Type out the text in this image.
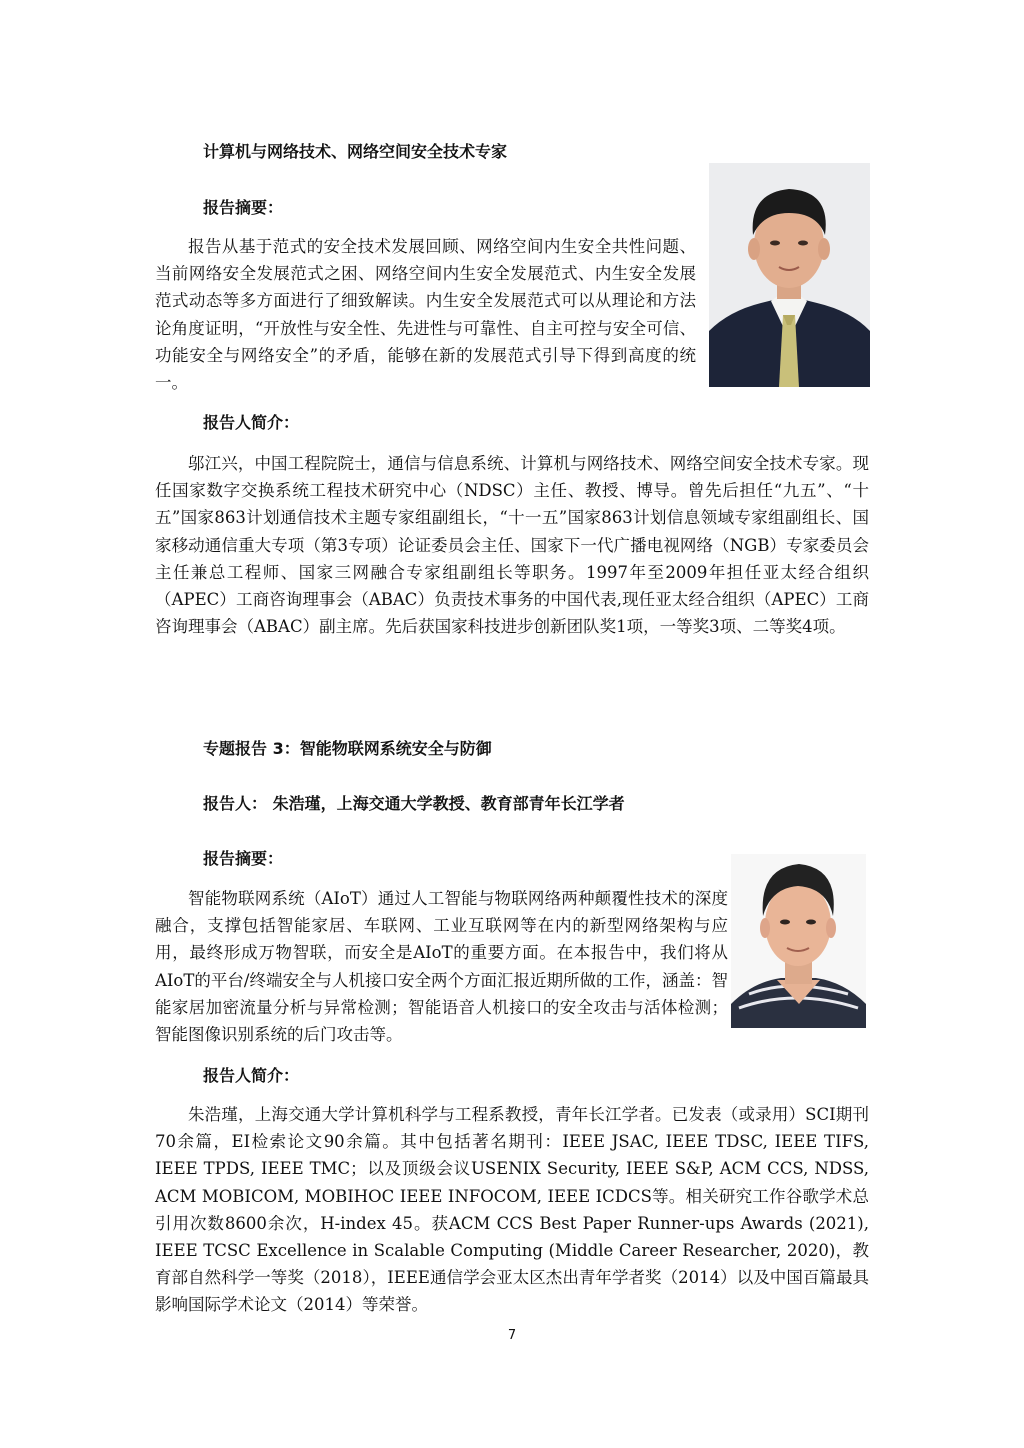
计算机与网络技术、网络空间安全技术专家
报告摘要：

报告从基于范式的安全技术发展回顾、网络空间内生安全共性问题、当前网络安全发展范式之困、网络空间内生安全发展范式、内生安全发展范式动态等多方面进行了细致解读。内生安全发展范式可以从理论和方法论角度证明，“开放性与安全性、先进性与可靠性、自主可控与安全可信、功能安全与网络安全”的矛盾，能够在新的发展范式引导下得到高度的统一。

报告人简介：

邬江兴，中国工程院院士，通信与信息系统、计算机与网络技术、网络空间安全技术专家。现任国家数字交换系统工程技术研究中心（NDSC）主任、教授、博导。曾先后担任“九五”、“十五”国家863计划通信技术主题专家组副组长，“十一五”国家863计划信息领域专家组副组长、国家移动通信重大专项（第3专项）论证委员会主任、国家下一代广播电视网络（NGB）专家委员会主任兼总工程师、国家三网融合专家组副组长等职务。1997年至2009年担任亚太经合组织（APEC）工商咨询理事会（ABAC）负责技术事务的中国代表,现任亚太经合组织（APEC）工商咨询理事会（ABAC）副主席。先后获国家科技进步创新团队奖1项，一等奖3项、二等奖4项。

专题报告 3：智能物联网系统安全与防御
报告人： 朱浩瑾，上海交通大学教授、教育部青年长江学者
报告摘要：

智能物联网系统（AIoT）通过人工智能与物联网络两种颠覆性技术的深度融合，支撑包括智能家居、车联网、工业互联网等在内的新型网络架构与应用，最终形成万物智联，而安全是AIoT的重要方面。在本报告中，我们将从AIoT的平台/终端安全与人机接口安全两个方面汇报近期所做的工作，涵盖：智能家居加密流量分析与异常检测；智能语音人机接口的安全攻击与活体检测；智能图像识别系统的后门攻击等。

报告人简介：

朱浩瑾，上海交通大学计算机科学与工程系教授，青年长江学者。已发表（或录用）SCI期刊70余篇，EI检索论文90余篇。其中包括著名期刊：IEEE JSAC, IEEE TDSC, IEEE TIFS, IEEE TPDS, IEEE TMC；以及顶级会议USENIX Security, IEEE S&P, ACM CCS, NDSS, ACM MOBICOM, MOBIHOC IEEE INFOCOM, IEEE ICDCS等。相关研究工作谷歌学术总引用次数8600余次，H-index 45。获ACM CCS Best Paper Runner-ups Awards (2021), IEEE TCSC Excellence in Scalable Computing (Middle Career Researcher, 2020)，教育部自然科学一等奖（2018），IEEE通信学会亚太区杰出青年学者奖（2014）以及中国百篇最具影响国际学术论文（2014）等荣誉。

7
